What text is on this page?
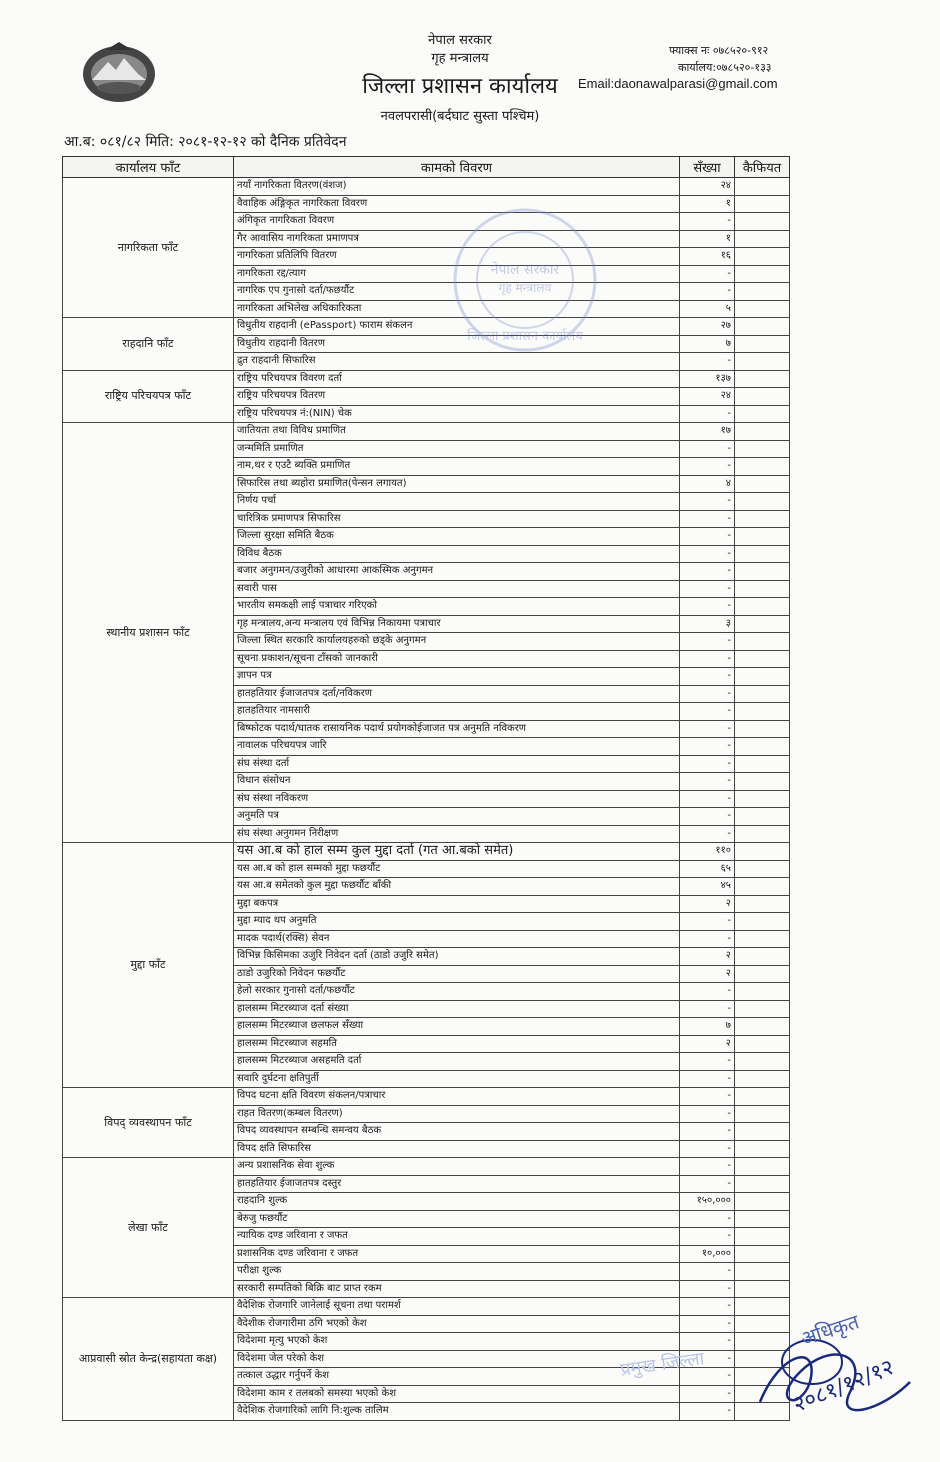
नेपाल सरकार
गृह मन्त्रालय
जिल्ला प्रशासन कार्यालय
नवलपरासी(बर्दघाट सुस्ता पश्चिम)
फ्याक्स नः ०७८५२०-९१२
कार्यालय:०७८५२०-१३३
Email:daonawalparasi@gmail.com
आ.ब: ०८१/८२ मिति: २०८१-१२-१२ को दैनिक प्रतिवेदन
कार्यालय फाँट	कामको विवरण	सँख्या	कैफियत
नागरिकता फाँट	नयाँ नागरिकता वितरण(वंशज)	२४	
	वैवाहिक अंङ्गिकृत नागरिकता विवरण	१	
	अंगिकृत नागरिकता विवरण	-	
	गैर आवासिय नागरिकता प्रमाणपत्र	१	
	नागरिकता प्रतिलिपि वितरण	१६	
	नागरिकता रद्द/त्याग	-	
	नागरिक एप गुनासो दर्ता/फछर्यौट	-	
	नागरिकता अभिलेख अधिकारिकता	५	
राहदानि फाँट	विधुतीय राहदानी (ePassport) फाराम संकलन	२७	
	विधुतीय राहदानी वितरण	७	
	द्रुत राहदानी सिफारिस	-	
राष्ट्रिय परिचयपत्र फाँट	राष्ट्रिय परिचयपत्र विवरण दर्ता	१३७	
	राष्ट्रिय परिचयपत्र वितरण	२४	
	राष्ट्रिय परिचयपत्र नं:(NIN) चेक	-	
स्थानीय प्रशासन फाँट	जातियता तथा विविध प्रमाणित	१७	
	जन्ममिति प्रमाणित	-	
	नाम,थर र एउटै ब्यक्ति प्रमाणित	-	
	सिफारिस तथा ब्यहोरा प्रमाणित(पेन्सन लगायत)	४	
	निर्णय पर्चा	-	
	चारित्रिक प्रमाणपत्र सिफारिस	-	
	जिल्ला सुरक्षा समिति बैठक	-	
	विविध बैठक	-	
	बजार अनुगमन/उजुरीको आधारमा आकस्मिक अनुगमन	-	
	सवारी पास	-	
	भारतीय समकक्षी लाई पत्राचार गरिएको	-	
	गृह मन्त्रालय,अन्य मन्त्रालय एवं विभिन्न निकायमा पत्राचार	३	
	जिल्ला स्थित सरकारि कार्यालयहरुको छड्के अनुगमन	-	
	सूचना प्रकाशन/सूचना टाँसको जानकारी	-	
	ज्ञापन पत्र	-	
	हातहतियार ईजाजतपत्र दर्ता/नविकरण	-	
	हातहतियार नामसारी	-	
	बिष्फोटक पदार्थ/घातक रासायनिक पदार्थ प्रयोगकोईजाजत पत्र अनुमति नविकरण	-	
	नावालक परिचयपत्र जारि	-	
	संघ संस्था दर्ता	-	
	विधान संसोधन	-	
	संघ संस्था नविकरण	-	
	अनुमति पत्र	-	
	संघ संस्था अनुगमन निरीक्षण	-	
मुद्दा फाँट	यस आ.ब को हाल सम्म कुल मुद्दा दर्ता (गत आ.बको समेत)	११०	
	यस आ.ब को हाल सम्मको मुद्दा फछर्यौट	६५	
	यस आ.ब समेतको कुल मुद्दा फछर्यौट बाँकी	४५	
	मुद्दा बकपत्र	२	
	मुद्दा म्याद थप अनुमति	-	
	मादक पदार्थ(रक्सि) सेवन	-	
	विभिन्न किसिमका उजुरि निवेदन दर्ता (ठाडो उजुरि समेत)	२	
	ठाडो उजुरिको निवेदन फछर्यौट	२	
	हेलो सरकार गुनासो दर्ता/फछर्यौट	-	
	हालसम्म मिटरब्याज दर्ता संख्या	-	
	हालसम्म मिटरब्याज छलफल सँख्या	७	
	हालसम्म मिटरब्याज सहमति	२	
	हालसम्म मिटरब्याज असहमति दर्ता	-	
	सवारि दुर्घटना क्षतिपुर्ती	-	
विपद् व्यवस्थापन फाँट	विपद घटना क्षति विवरण संकलन/पत्राचार	-	
	राहत वितरण(कम्बल वितरण)	-	
	विपद व्यवस्थापन सम्बन्धि समन्वय बैठक	-	
	विपद क्षति सिफारिस	-	
लेखा फाँट	अन्य प्रशासनिक सेवा शुल्क	-	
	हातहतियार ईजाजतपत्र दस्तुर	-	
	राहदानि शुल्क	१५०,०००	
	बेरुजु फछर्यौट	-	
	न्यायिक दण्ड जरिवाना र जफत	-	
	प्रशासनिक दण्ड जरिवाना र जफत	१०,०००	
	परीक्षा शुल्क	-	
	सरकारी सम्पतिको बिक्रि बाट प्राप्त रकम	-	
आप्रवासी स्रोत केन्द्र(सहायता कक्ष)	वैदेशिक रोजगारि जानेलाई सूचना तथा परामर्श	-	
	वैदेशीक रोजगारीमा ठगि भएको केश	-	
	विदेशमा मृत्यु भएको केश	-	
	विदेशमा जेल परेको केश	-	
	तत्काल उद्धार गर्नुपर्ने केश	-	
	विदेशमा काम र तलबको समस्या भएको केश	-	
	वैदेशिक रोजगारिको लागि नि:शुल्क तालिम	-	
नेपाल सरकार
गृह मन्त्रालय
जिल्ला प्रशासन कार्यालय
प्रमुख जिल्ला
अधिकृत
२०८१/१२/१२
